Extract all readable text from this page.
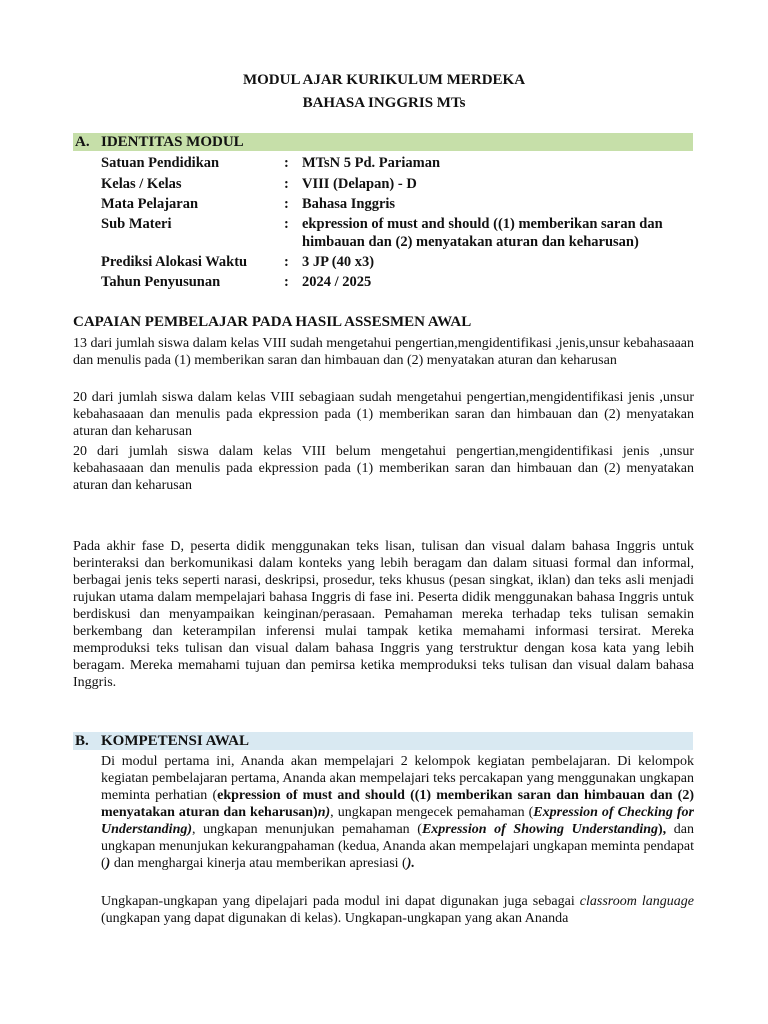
MODUL AJAR KURIKULUM MERDEKA
BAHASA INGGRIS MTs
A. IDENTITAS MODUL
Satuan Pendidikan	: MTsN 5 Pd. Pariaman
Kelas / Kelas	: VIII (Delapan) - D
Mata Pelajaran	: Bahasa Inggris
Sub Materi	: ekpression of must and should ((1) memberikan saran dan himbauan dan (2) menyatakan aturan dan keharusan)
Prediksi Alokasi Waktu	: 3 JP (40 x3)
Tahun Penyusunan	: 2024 / 2025
CAPAIAN PEMBELAJAR PADA HASIL ASSESMEN AWAL
13 dari jumlah siswa dalam kelas VIII sudah mengetahui pengertian,mengidentifikasi ,jenis,unsur kebahasaaan dan menulis pada (1) memberikan saran dan himbauan dan (2) menyatakan aturan dan keharusan
20 dari jumlah siswa dalam kelas VIII sebagiaan sudah mengetahui pengertian,mengidentifikasi jenis ,unsur kebahasaaan dan menulis pada ekpression pada (1) memberikan saran dan himbauan dan (2) menyatakan aturan dan keharusan
20 dari jumlah siswa dalam kelas VIII belum mengetahui pengertian,mengidentifikasi jenis ,unsur kebahasaaan dan menulis pada ekpression pada (1) memberikan saran dan himbauan dan (2) menyatakan aturan dan keharusan
Pada akhir fase D, peserta didik menggunakan teks lisan, tulisan dan visual dalam bahasa Inggris untuk berinteraksi dan berkomunikasi dalam konteks yang lebih beragam dan dalam situasi formal dan informal, berbagai jenis teks seperti narasi, deskripsi, prosedur, teks khusus (pesan singkat, iklan) dan teks asli menjadi rujukan utama dalam mempelajari bahasa Inggris di fase ini. Peserta didik menggunakan bahasa Inggris untuk berdiskusi dan menyampaikan keinginan/perasaan. Pemahaman mereka terhadap teks tulisan semakin berkembang dan keterampilan inferensi mulai tampak ketika memahami informasi tersirat. Mereka memproduksi teks tulisan dan visual dalam bahasa Inggris yang terstruktur dengan kosa kata yang lebih beragam. Mereka memahami tujuan dan pemirsa ketika memproduksi teks tulisan dan visual dalam bahasa Inggris.
B. KOMPETENSI AWAL
Di modul pertama ini, Ananda akan mempelajari 2 kelompok kegiatan pembelajaran. Di kelompok kegiatan pembelajaran pertama, Ananda akan mempelajari teks percakapan yang menggunakan ungkapan meminta perhatian (ekpression of must and should ((1) memberikan saran dan himbauan dan (2) menyatakan aturan dan keharusan)n), ungkapan mengecek pemahaman (Expression of Checking for Understanding), ungkapan menunjukan pemahaman (Expression of Showing Understanding), dan ungkapan menunjukan kekurangpahaman (kedua, Ananda akan mempelajari ungkapan meminta pendapat () dan menghargai kinerja atau memberikan apresiasi ().
Ungkapan-ungkapan yang dipelajari pada modul ini dapat digunakan juga sebagai classroom language (ungkapan yang dapat digunakan di kelas). Ungkapan-ungkapan yang akan Ananda
